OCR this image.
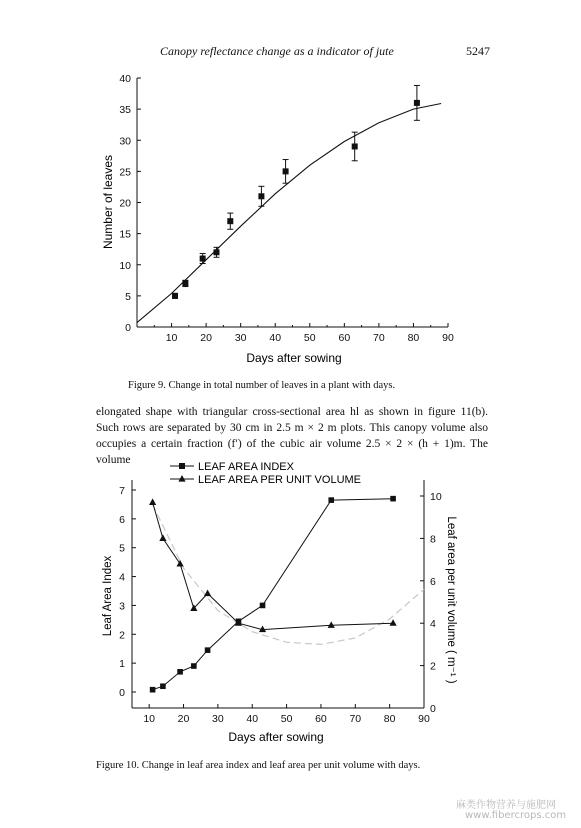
Canopy reflectance change as a indicator of jute	5247
10 20 30 40 50 60 70 80 90
0
5
10
15
20
25
30
35
40
Days after sowing
Number of leaves
Figure 9. Change in total number of leaves in a plant with days.

elongated shape with triangular cross-sectional area hl as shown in figure 11(b). Such rows are separated by 30 cm in 2.5 m × 2 m plots. This canopy volume also occupies a certain fraction (f′) of the cubic air volume 2.5 × 2 × (h + 1)m. The volume

10 20 30 40 50 60 70 80 90
0
1
2
3
4
5
6
7
0
2
4
6
8
10
Days after sowing
Leaf Area Index	Leaf area per unit volume ( m⁻¹ )
LEAF AREA INDEX
LEAF AREA PER UNIT VOLUME
Figure 10. Change in leaf area index and leaf area per unit volume with days.
麻类作物营养与施肥网
www.fibercrops.com
